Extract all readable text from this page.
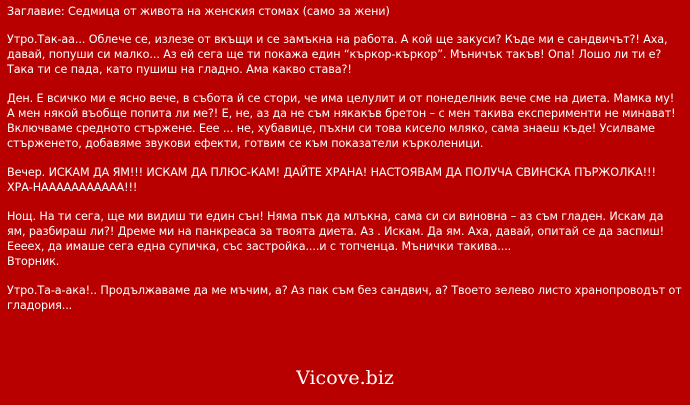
Заглавие: Седмица от живота на женския стомах (само за жени)

Утро.Так-аа... Облече се, излезе от вкъщи и се замъкна на работа. А кой ще закуси? Къде ми е сандвичът?! Аха, давай, попуши си малко... Аз ей сега ще ти покажа един “къркор-къркор”. Мъничък такъв! Опа! Лошо ли ти е? Така ти се пада, като пушиш на гладно. Ама какво става?!

Ден. Е всичко ми е ясно вече, в събота й се стори, че има целулит и от понеделник вече сме на диета. Мамка му! А мен някой въобще попита ли ме?! Е, не, аз да не съм някакъв бретон – с мен такива експерименти не минават! Включваме средното стържене. Еее ... не, хубавице, пъхни си това кисело мляко, сама знаеш къде! Усилваме стърженето, добавяме звукови ефекти, готвим се към показатели кърколеници.

Вечер. ИСКАМ ДА ЯМ!!! ИСКАМ ДА ПЛЮС-КАМ! ДАЙТЕ ХРАНА! НАСТОЯВАМ ДА ПОЛУЧА СВИНСКА ПЪРЖОЛКА!!! ХРА-НААААААААААА!!!

Нощ. На ти сега, ще ми видиш ти един сън! Няма пък да млъкна, сама си си виновна – аз съм гладен. Искам да ям, разбираш ли?! Дреме ми на панкреаса за твоята диета. Аз . Искам. Да ям. Аха, давай, опитай се да заспиш! Ееееx, да имаше сега една супичка, със застройка....и с топченца. Мънички такива....
Вторник.

Утро.Та-а-ака!.. Продължаваме да ме мъчим, а? Аз пак съм без сандвич, а? Твоето зелево листо хранопроводът от гладория...

Vicove.biz
